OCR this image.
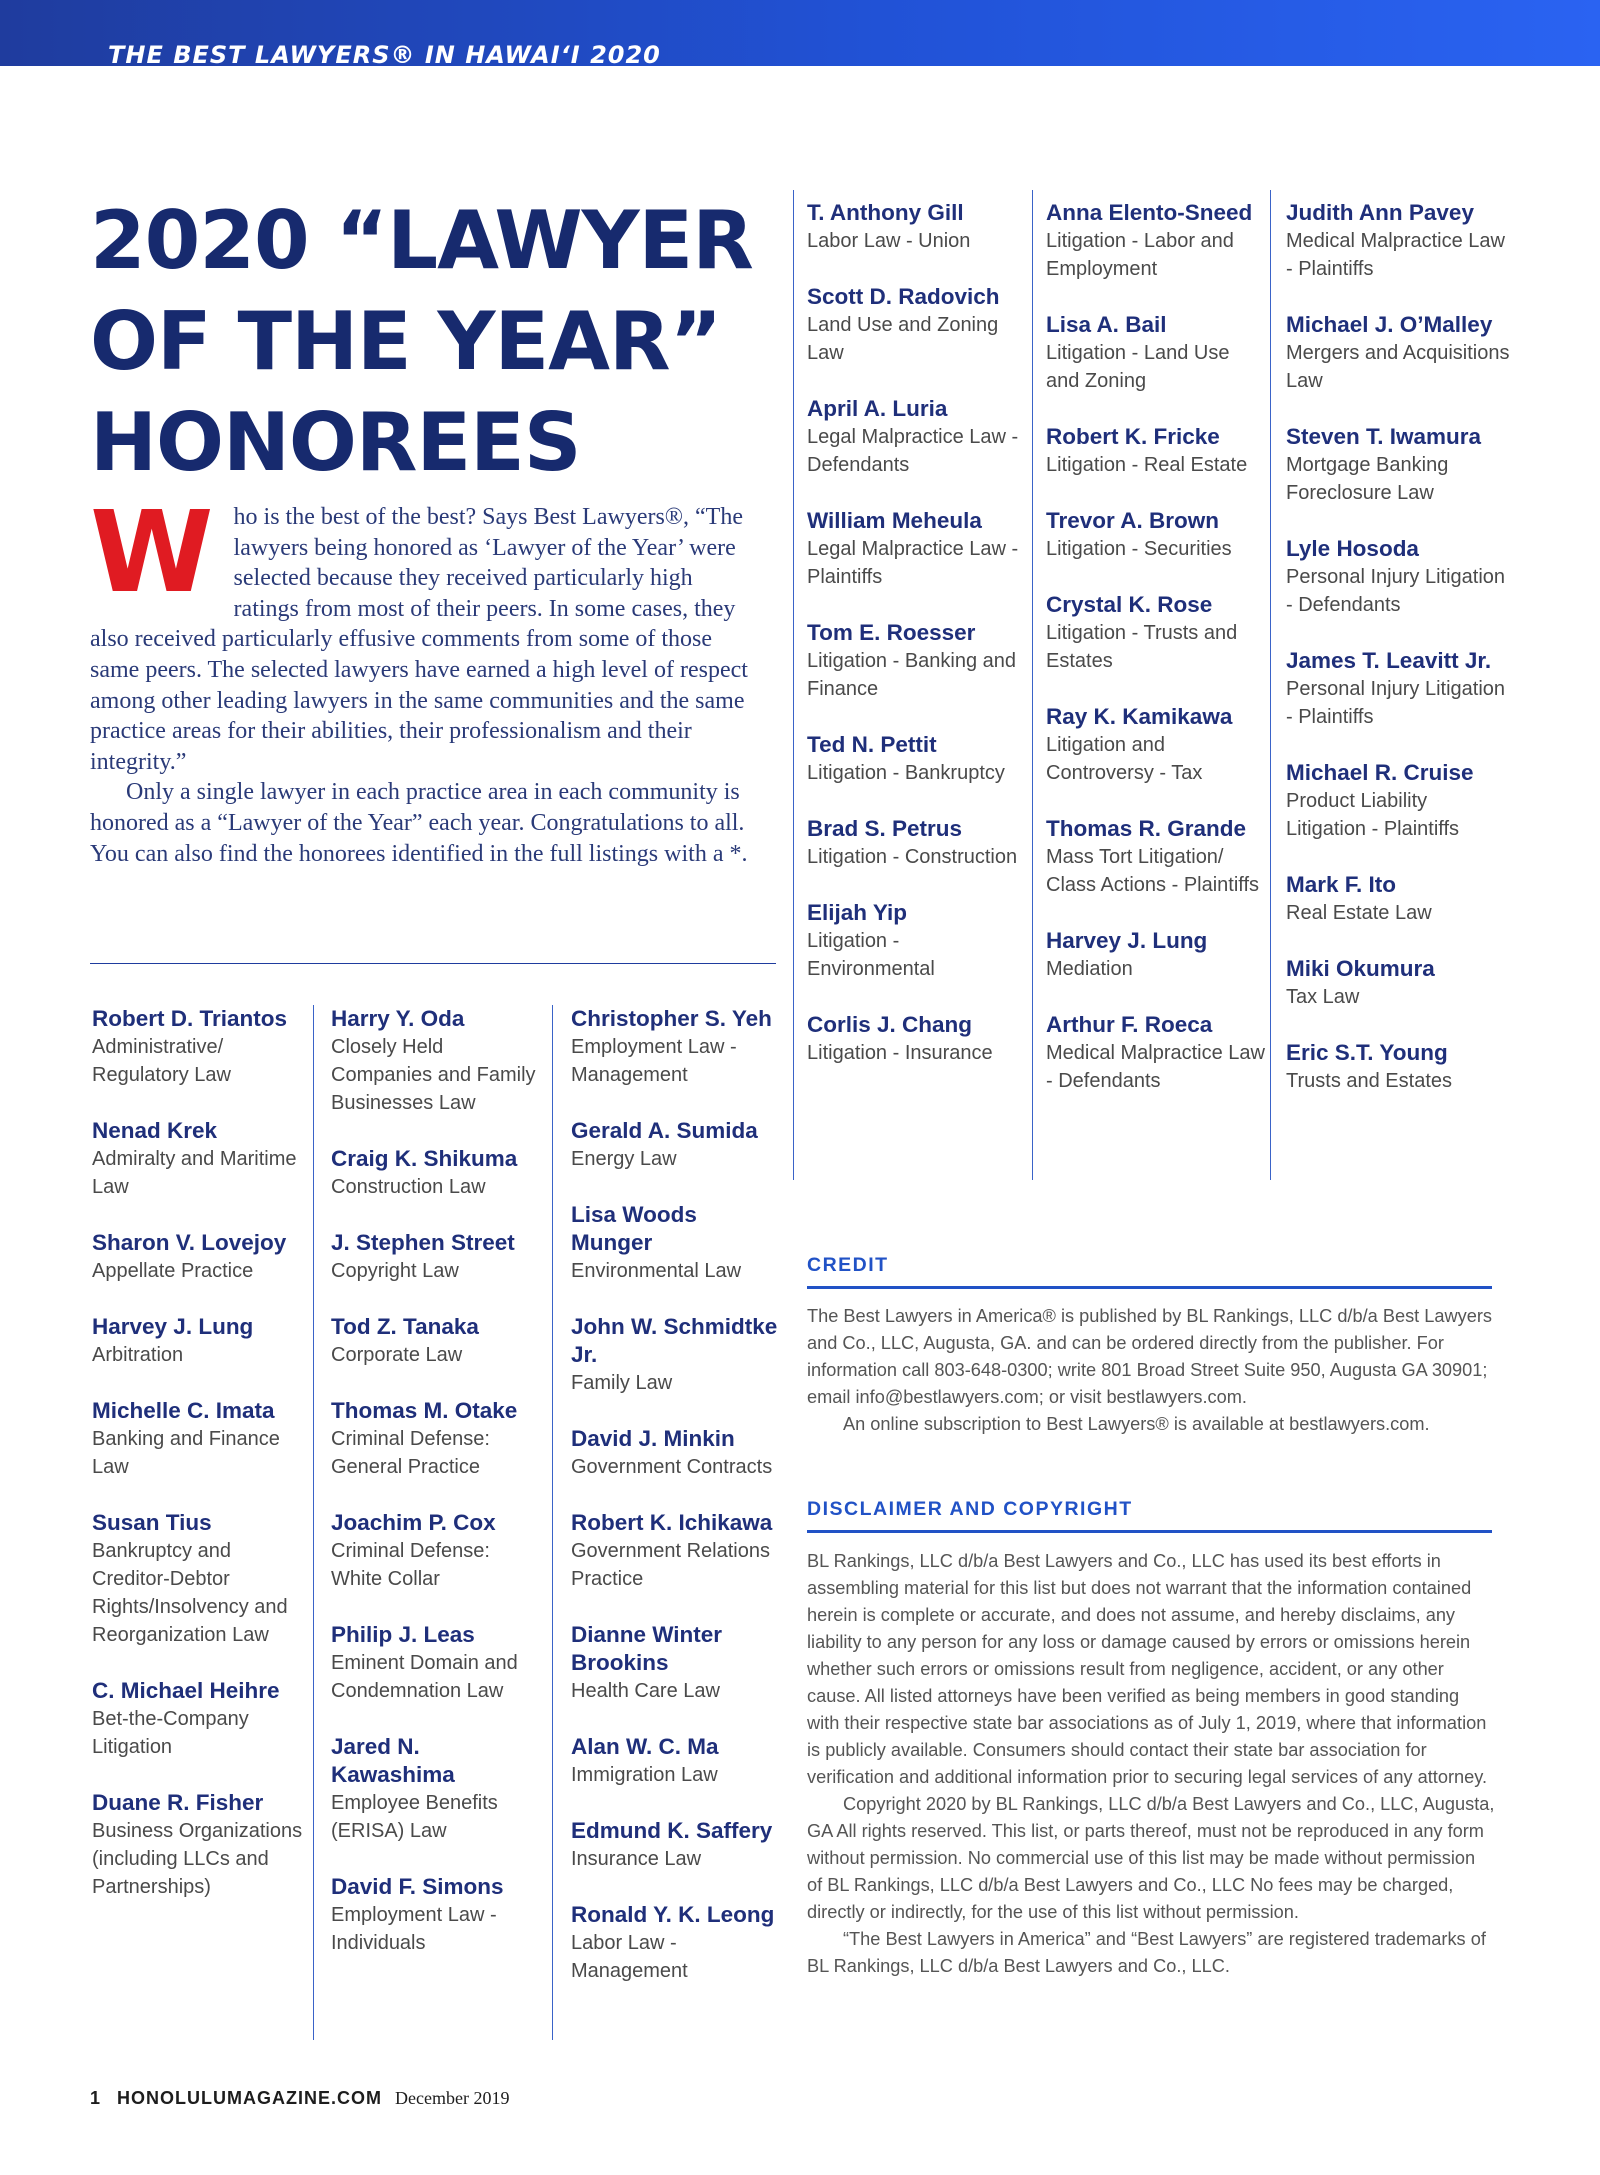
THE BEST LAWYERS® IN HAWAI‘I 2020
2020 “LAWYER
OF THE YEAR”
HONOREES

Who is the best of the best? Says Best Lawyers®, “The lawyers being honored as ‘Lawyer of the Year’ were selected because they received particularly high ratings from most of their peers. In some cases, they also received particularly effusive comments from some of those same peers. The selected lawyers have earned a high level of respect among other leading lawyers in the same communities and the same practice areas for their abilities, their professionalism and their integrity.”

Only a single lawyer in each practice area in each community is honored as a “Lawyer of the Year” each year. Congratulations to all. You can also find the honorees identified in the full listings with a *.

Robert D. Triantos
Administrative/ Regulatory Law
Nenad Krek
Admiralty and Maritime Law
Sharon V. Lovejoy
Appellate Practice
Harvey J. Lung
Arbitration
Michelle C. Imata
Banking and Finance Law
Susan Tius
Bankruptcy and Creditor-Debtor Rights/Insolvency and Reorganization Law
C. Michael Heihre
Bet-the-Company Litigation
Duane R. Fisher
Business Organizations (including LLCs and Partnerships)
Harry Y. Oda
Closely Held Companies and Family Businesses Law
Craig K. Shikuma
Construction Law
J. Stephen Street
Copyright Law
Tod Z. Tanaka
Corporate Law
Thomas M. Otake
Criminal Defense: General Practice
Joachim P. Cox
Criminal Defense: White Collar
Philip J. Leas
Eminent Domain and Condemnation Law
Jared N. Kawashima
Employee Benefits (ERISA) Law
David F. Simons
Employment Law - Individuals
Christopher S. Yeh
Employment Law - Management
Gerald A. Sumida
Energy Law
Lisa Woods Munger
Environmental Law
John W. Schmidtke Jr.
Family Law
David J. Minkin
Government Contracts
Robert K. Ichikawa
Government Relations Practice
Dianne Winter Brookins
Health Care Law
Alan W. C. Ma
Immigration Law
Edmund K. Saffery
Insurance Law
Ronald Y. K. Leong
Labor Law - Management
T. Anthony Gill
Labor Law - Union
Scott D. Radovich
Land Use and Zoning Law
April A. Luria
Legal Malpractice Law - Defendants
William Meheula
Legal Malpractice Law - Plaintiffs
Tom E. Roesser
Litigation - Banking and Finance
Ted N. Pettit
Litigation - Bankruptcy
Brad S. Petrus
Litigation - Construction
Elijah Yip
Litigation - Environmental
Corlis J. Chang
Litigation - Insurance
Anna Elento-Sneed
Litigation - Labor and Employment
Lisa A. Bail
Litigation - Land Use and Zoning
Robert K. Fricke
Litigation - Real Estate
Trevor A. Brown
Litigation - Securities
Crystal K. Rose
Litigation - Trusts and Estates
Ray K. Kamikawa
Litigation and Controversy - Tax
Thomas R. Grande
Mass Tort Litigation/ Class Actions - Plaintiffs
Harvey J. Lung
Mediation
Arthur F. Roeca
Medical Malpractice Law - Defendants
Judith Ann Pavey
Medical Malpractice Law - Plaintiffs
Michael J. O’Malley
Mergers and Acquisitions Law
Steven T. Iwamura
Mortgage Banking Foreclosure Law
Lyle Hosoda
Personal Injury Litigation - Defendants
James T. Leavitt Jr.
Personal Injury Litigation - Plaintiffs
Michael R. Cruise
Product Liability Litigation - Plaintiffs
Mark F. Ito
Real Estate Law
Miki Okumura
Tax Law
Eric S.T. Young
Trusts and Estates
CREDIT

The Best Lawyers in America® is published by BL Rankings, LLC d/b/a Best Lawyers and Co., LLC, Augusta, GA. and can be ordered directly from the publisher. For information call 803-648-0300; write 801 Broad Street Suite 950, Augusta GA 30901; email info@bestlawyers.com; or visit bestlawyers.com.

An online subscription to Best Lawyers® is available at bestlawyers.com.

DISCLAIMER AND COPYRIGHT

BL Rankings, LLC d/b/a Best Lawyers and Co., LLC has used its best efforts in assembling material for this list but does not warrant that the information contained herein is complete or accurate, and does not assume, and hereby disclaims, any liability to any person for any loss or damage caused by errors or omissions herein whether such errors or omissions result from negligence, accident, or any other cause. All listed attorneys have been verified as being members in good standing with their respective state bar associations as of July 1, 2019, where that information is publicly available. Consumers should contact their state bar association for verification and additional information prior to securing legal services of any attorney.

Copyright 2020 by BL Rankings, LLC d/b/a Best Lawyers and Co., LLC, Augusta, GA All rights reserved. This list, or parts thereof, must not be reproduced in any form without permission. No commercial use of this list may be made without permission of BL Rankings, LLC d/b/a Best Lawyers and Co., LLC No fees may be charged, directly or indirectly, for the use of this list without permission.

“The Best Lawyers in America” and “Best Lawyers” are registered trademarks of BL Rankings, LLC d/b/a Best Lawyers and Co., LLC.

1 HONOLULUMAGAZINE.COM December 2019
